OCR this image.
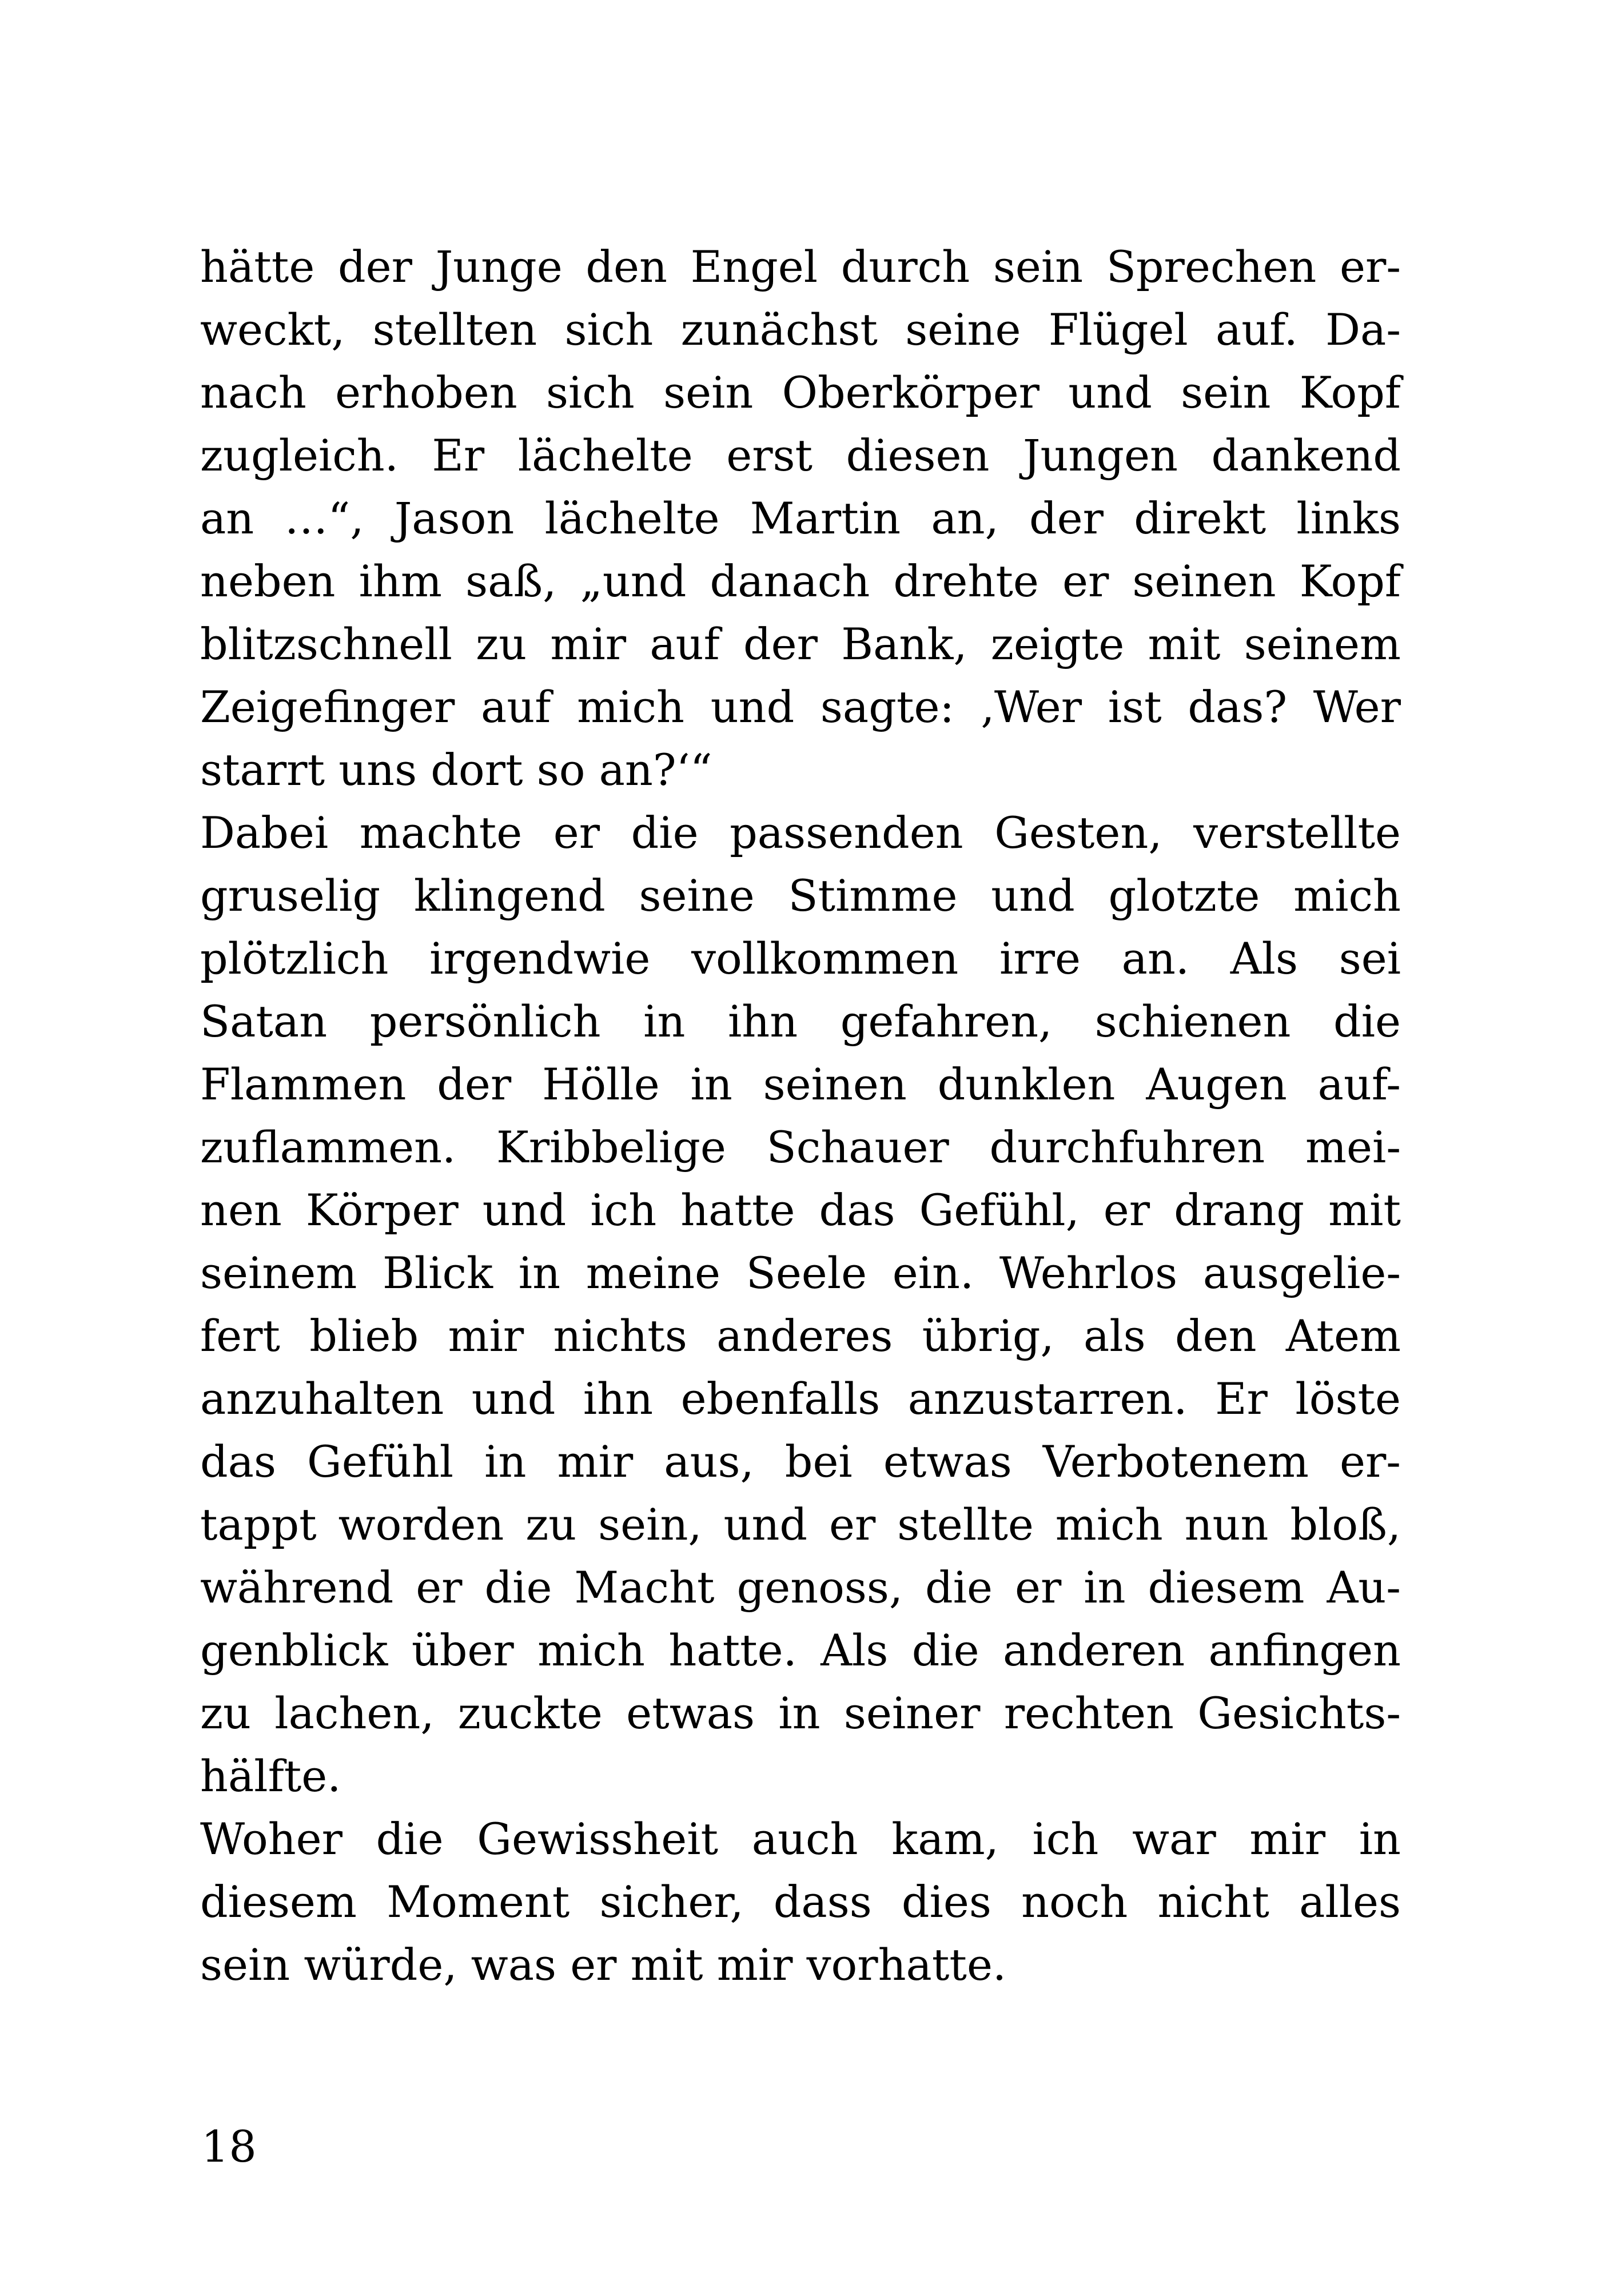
hätte der Junge den Engel durch sein Sprechen er-
weckt, stellten sich zunächst seine Flügel auf. Da-
nach erhoben sich sein Oberkörper und sein Kopf
zugleich. Er lächelte erst diesen Jungen dankend
an …“, Jason lächelte Martin an, der direkt links
neben ihm saß, „und danach drehte er seinen Kopf
blitzschnell zu mir auf der Bank, zeigte mit seinem
Zeigefinger auf mich und sagte: ‚Wer ist das? Wer
starrt uns dort so an?‘“
Dabei machte er die passenden Gesten, verstellte
gruselig klingend seine Stimme und glotzte mich
plötzlich irgendwie vollkommen irre an. Als sei
Satan persönlich in ihn gefahren, schienen die
Flammen der Hölle in seinen dunklen Augen auf-
zuflammen. Kribbelige Schauer durchfuhren mei-
nen Körper und ich hatte das Gefühl, er drang mit
seinem Blick in meine Seele ein. Wehrlos ausgelie-
fert blieb mir nichts anderes übrig, als den Atem
anzuhalten und ihn ebenfalls anzustarren. Er löste
das Gefühl in mir aus, bei etwas Verbotenem er-
tappt worden zu sein, und er stellte mich nun bloß,
während er die Macht genoss, die er in diesem Au-
genblick über mich hatte. Als die anderen anfingen
zu lachen, zuckte etwas in seiner rechten Gesichts-
hälfte.
Woher die Gewissheit auch kam, ich war mir in
diesem Moment sicher, dass dies noch nicht alles
sein würde, was er mit mir vorhatte.
18
